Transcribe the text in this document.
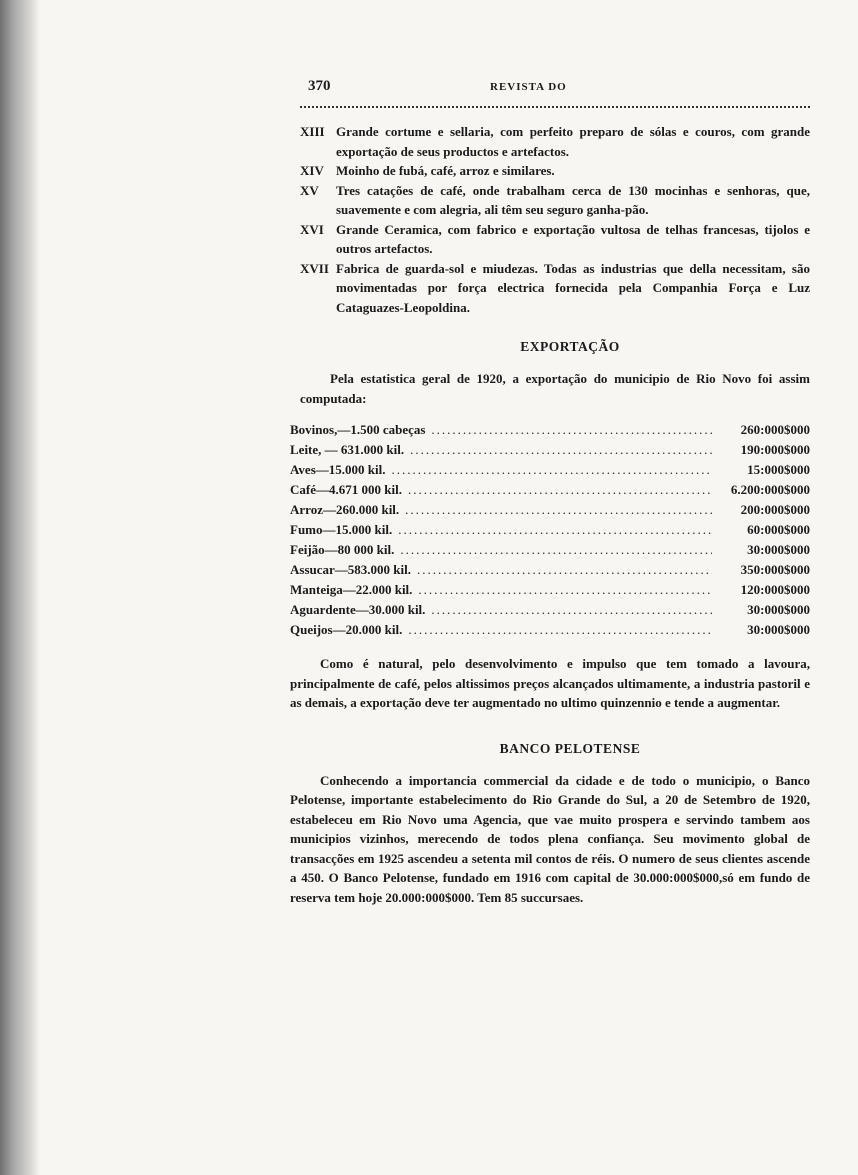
370	REVISTA DO
XIII Grande cortume e sellaria, com perfeito preparo de sólas e couros, com grande exportação de seus productos e artefactos.
XIV Moinho de fubá, café, arroz e similares.
XV	Tres catações de café, onde trabalham cerca de 130 mocinhas e senhoras, que, suavemente e com alegria, ali têm seu seguro ganha-pão.
XVI Grande Ceramica, com fabrico e exportação vultosa de telhas francesas, tijolos e outros artefactos.
XVII Fabrica de guarda-sol e miudezas. Todas as industrias que della necessitam, são movimentadas por força electrica fornecida pela Companhia Força e Luz Cataguazes-Leopoldina.
EXPORTAÇÃO

Pela estatistica geral de 1920, a exportação do municipio de Rio Novo foi assim computada:

Bovinos,—1.500 cabeças .....	260:000$000
Leite, — 631.000 kil. .....	190:000$000
Aves—15.000 kil. .....	15:000$000
Café—4.671 000 kil. .....	6.200:000$000
Arroz—260.000 kil. .....	200:000$000
Fumo—15.000 kil. .....	60:000$000
Feijão—80 000 kil. .....	30:000$000
Assucar—583.000 kil. .....	350:000$000
Manteiga—22.000 kil. .....	120:000$000
Aguardente—30.000 kil. .....	30:000$000
Queijos—20.000 kil. .....	30:000$000

Como é natural, pelo desenvolvimento e impulso que tem tomado a lavoura, principalmente de café, pelos altissimos preços alcançados ultimamente, a industria pastoril e as demais, a exportação deve ter augmentado no ultimo quinzennio e tende a augmentar.

BANCO PELOTENSE

Conhecendo a importancia commercial da cidade e de todo o municipio, o Banco Pelotense, importante estabelecimento do Rio Grande do Sul, a 20 de Setembro de 1920, estabeleceu em Rio Novo uma Agencia, que vae muito prospera e servindo tambem aos municipios vizinhos, merecendo de todos plena confiança. Seu movimento global de transacções em 1925 ascendeu a setenta mil contos de réis. O numero de seus clientes ascende a 450. O Banco Pelotense, fundado em 1916 com capital de 30.000:000$000,só em fundo de reserva tem hoje 20.000:000$000. Tem 85 succursaes.
